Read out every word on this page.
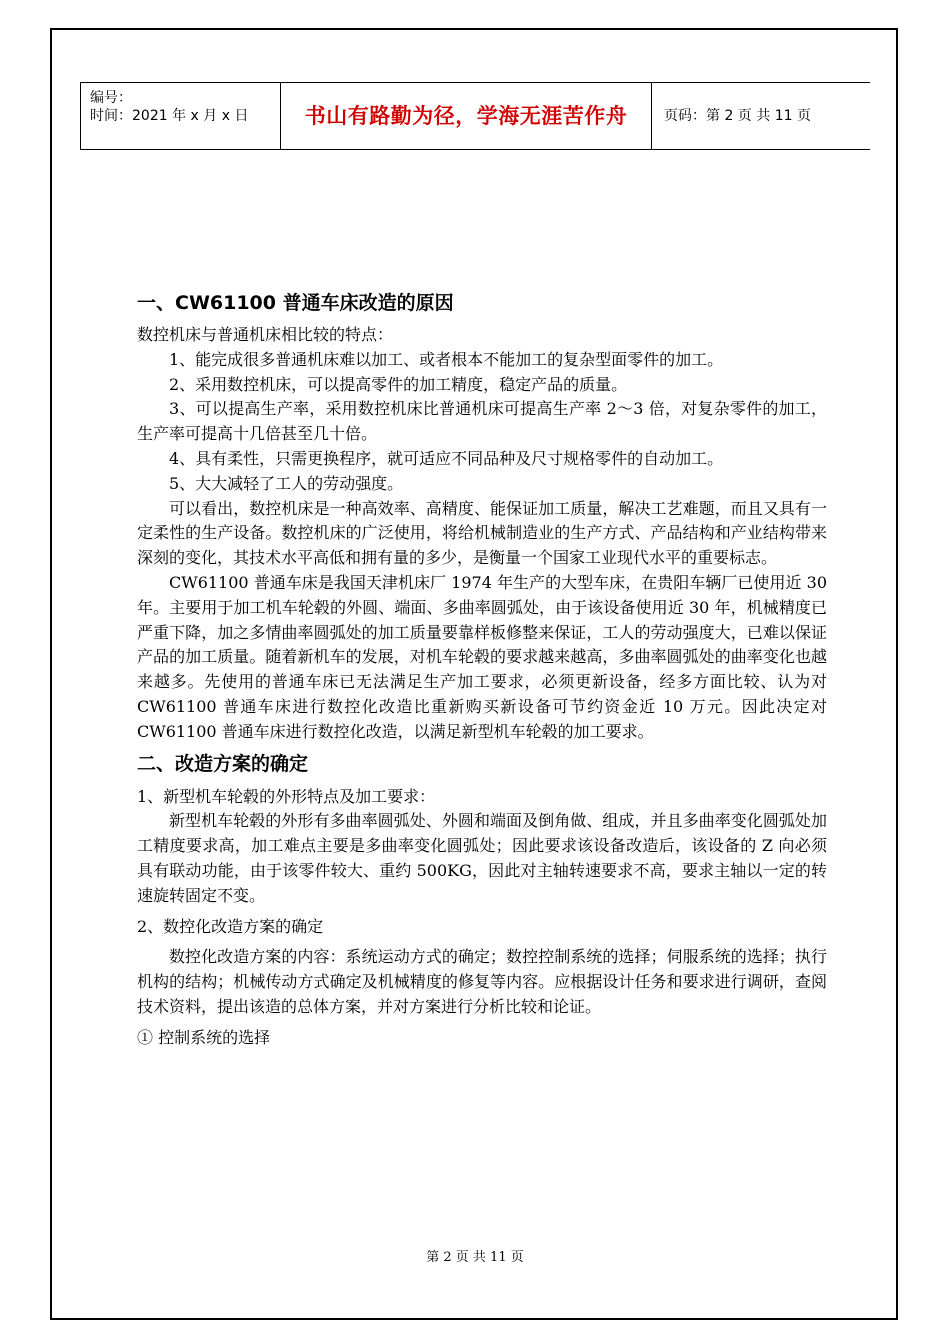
编号：
时间：2021 年 x 月 x 日	书山有路勤为径，学海无涯苦作舟	页码：第 2 页 共 11 页
一、CW61100 普通车床改造的原因

数控机床与普通机床相比较的特点：

1、能完成很多普通机床难以加工、或者根本不能加工的复杂型面零件的加工。

2、采用数控机床，可以提高零件的加工精度，稳定产品的质量。

3、可以提高生产率，采用数控机床比普通机床可提高生产率 2～3 倍，对复杂零件的加工，生产率可提高十几倍甚至几十倍。

4、具有柔性，只需更换程序，就可适应不同品种及尺寸规格零件的自动加工。

5、大大减轻了工人的劳动强度。

可以看出，数控机床是一种高效率、高精度、能保证加工质量，解决工艺难题，而且又具有一定柔性的生产设备。数控机床的广泛使用，将给机械制造业的生产方式、产品结构和产业结构带来深刻的变化，其技术水平高低和拥有量的多少，是衡量一个国家工业现代水平的重要标志。

CW61100 普通车床是我国天津机床厂 1974 年生产的大型车床，在贵阳车辆厂已使用近 30 年。主要用于加工机车轮毂的外圆、端面、多曲率圆弧处，由于该设备使用近 30 年，机械精度已严重下降，加之多情曲率圆弧处的加工质量要靠样板修整来保证，工人的劳动强度大，已难以保证产品的加工质量。随着新机车的发展，对机车轮毂的要求越来越高，多曲率圆弧处的曲率变化也越来越多。先使用的普通车床已无法满足生产加工要求，必须更新设备，经多方面比较、认为对 CW61100 普通车床进行数控化改造比重新购买新设备可节约资金近 10 万元。因此决定对 CW61100 普通车床进行数控化改造，以满足新型机车轮毂的加工要求。

二、改造方案的确定

1、新型机车轮毂的外形特点及加工要求：

新型机车轮毂的外形有多曲率圆弧处、外圆和端面及倒角做、组成，并且多曲率变化圆弧处加工精度要求高，加工难点主要是多曲率变化圆弧处；因此要求该设备改造后，该设备的 Z 向必须具有联动功能，由于该零件较大、重约 500KG，因此对主轴转速要求不高，要求主轴以一定的转速旋转固定不变。

2、数控化改造方案的确定

数控化改造方案的内容：系统运动方式的确定；数控控制系统的选择；伺服系统的选择；执行机构的结构；机械传动方式确定及机械精度的修复等内容。应根据设计任务和要求进行调研，查阅技术资料，提出该造的总体方案，并对方案进行分析比较和论证。

① 控制系统的选择

第 2 页 共 11 页
